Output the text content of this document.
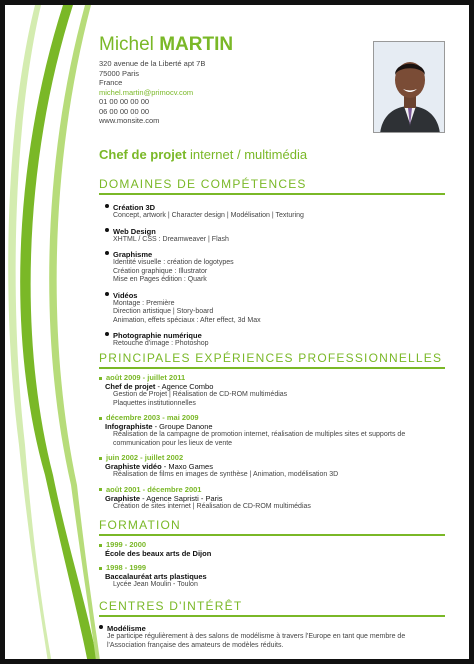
Michel MARTIN
320 avenue de la Liberté apt 7B
75000 Paris
France
michel.martin@primocv.com
01 00 00 00 00
06 00 00 00 00
www.monsite.com
Chef de projet internet / multimédia
DOMAINES DE COMPÉTENCES
Création 3D
Concept, artwork | Character design | Modélisation | Texturing
Web Design
XHTML / CSS : Dreamweaver | Flash
Graphisme
Identité visuelle : création de logotypes
Création graphique : Illustrator
Mise en Pages édition : Quark
Vidéos
Montage : Première
Direction artistique | Story-board
Animation, effets spéciaux : After effect, 3d Max
Photographie numérique
Retouche d'image : Photoshop
PRINCIPALES EXPÉRIENCES PROFESSIONNELLES
août 2009 - juillet 2011
Chef de projet - Agence Combo
Gestion de Projet | Réalisation de CD-ROM multimédias
Plaquettes institutionnelles
décembre 2003 - mai 2009
Infographiste - Groupe Danone
Réalisation de la campagne de promotion internet, réalisation de multiples sites et supports de
communication pour les lieux de vente
juin 2002 - juillet 2002
Graphiste vidéo - Maxo Games
Réalisation de films en images de synthèse | Animation, modélisation 3D
août 2001 - décembre 2001
Graphiste - Agence Sapristi - Paris
Création de sites internet | Réalisation de CD-ROM multimédias
FORMATION
1999 - 2000
École des beaux arts de Dijon
1998 - 1999
Baccalauréat arts plastiques
Lycée Jean Moulin - Toulon
CENTRES D'INTÉRÊT
Modélisme
Je participe régulièrement à des salons de modélisme à travers l'Europe en tant que membre de
l'Association française des amateurs de modèles réduits.
